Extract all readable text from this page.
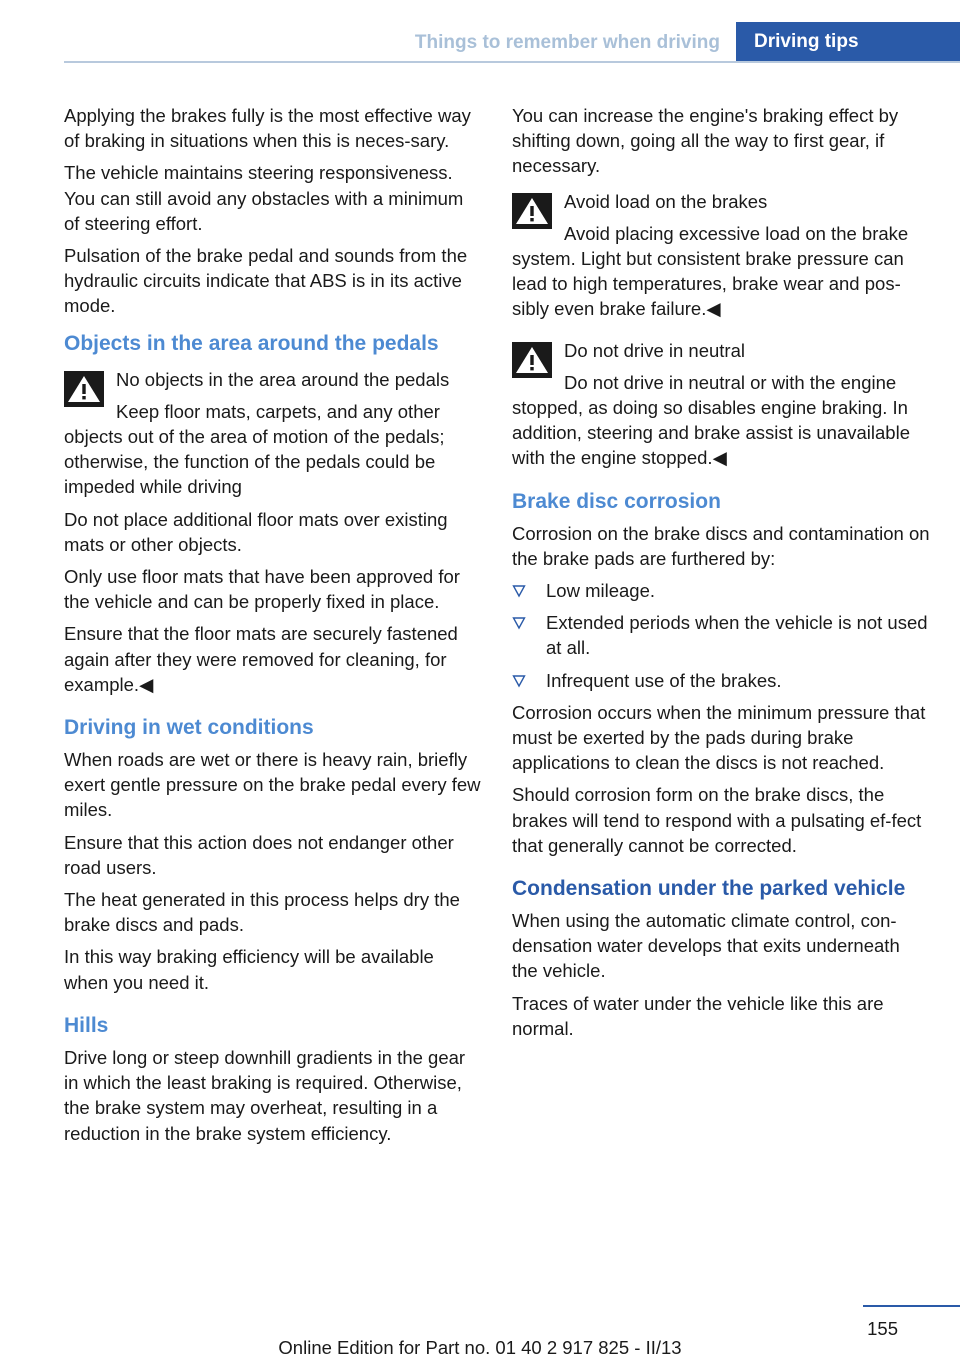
Things to remember when driving	Driving tips

Applying the brakes fully is the most effective way of braking in situations when this is neces‐sary.

The vehicle maintains steering responsiveness. You can still avoid any obstacles with a minimum of steering effort.

Pulsation of the brake pedal and sounds from the hydraulic circuits indicate that ABS is in its active mode.

Objects in the area around the pedals

No objects in the area around the pedals

Keep floor mats, carpets, and any other objects out of the area of motion of the pedals; otherwise, the function of the pedals could be impeded while driving

Do not place additional floor mats over existing mats or other objects.

Only use floor mats that have been approved for the vehicle and can be properly fixed in place.

Ensure that the floor mats are securely fastened again after they were removed for cleaning, for example.◀

Driving in wet conditions

When roads are wet or there is heavy rain, briefly exert gentle pressure on the brake pedal every few miles.

Ensure that this action does not endanger other road users.

The heat generated in this process helps dry the brake discs and pads.

In this way braking efficiency will be available when you need it.

Hills

Drive long or steep downhill gradients in the gear in which the least braking is required. Otherwise, the brake system may overheat, resulting in a reduction in the brake system efficiency.

You can increase the engine's braking effect by shifting down, going all the way to first gear, if necessary.

Avoid load on the brakes

Avoid placing excessive load on the brake system. Light but consistent brake pressure can lead to high temperatures, brake wear and pos‐sibly even brake failure.◀

Do not drive in neutral

Do not drive in neutral or with the engine stopped, as doing so disables engine braking. In addition, steering and brake assist is unavailable with the engine stopped.◀

Brake disc corrosion

Corrosion on the brake discs and contamination on the brake pads are furthered by:

Low mileage.
Extended periods when the vehicle is not used at all.
Infrequent use of the brakes.

Corrosion occurs when the minimum pressure that must be exerted by the pads during brake applications to clean the discs is not reached.

Should corrosion form on the brake discs, the brakes will tend to respond with a pulsating ef‐fect that generally cannot be corrected.

Condensation under the parked vehicle

When using the automatic climate control, con‐densation water develops that exits underneath the vehicle.

Traces of water under the vehicle like this are normal.

155
Online Edition for Part no. 01 40 2 917 825 - II/13
